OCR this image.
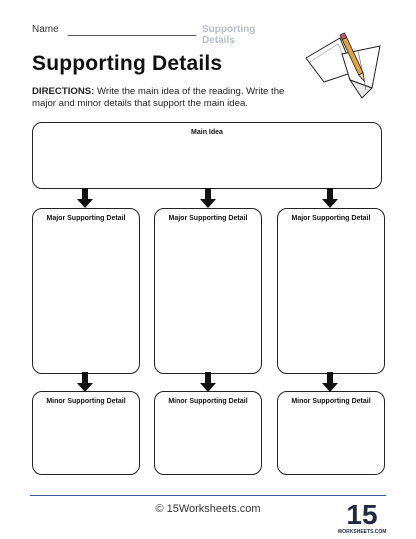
Name	Supporting Details
Supporting Details
DIRECTIONS: Write the main idea of the reading. Write the major and minor details that support the main idea.
Main Idea
Major Supporting Detail	Major Supporting Detail	Major Supporting Detail
Minor Supporting Detail	Minor Supporting Detail	Minor Supporting Detail
© 15Worksheets.com	15
WORKSHEETS.COM
